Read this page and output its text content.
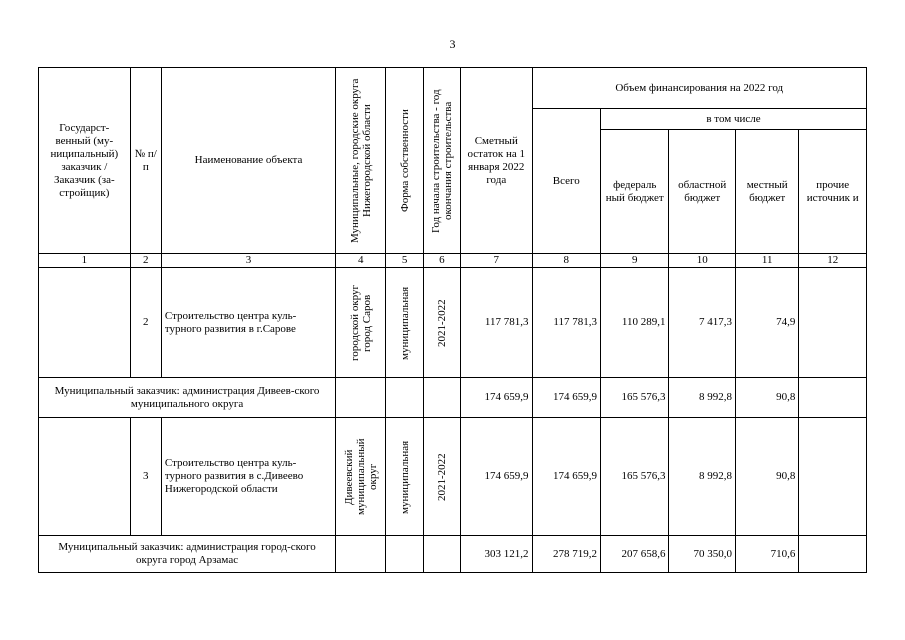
3
Государст-венный (му-ниципальный) заказчик / Заказчик (за-стройщик)	№ п/п	Наименование объекта	Муниципальные, городские округа Нижегородской области	Форма собственности	Год начала строительства - год окончания строительства	Сметный остаток на 1 января 2022 года	Объем финансирования на 2022 год				
							Всего	в том числе			
								федераль ный бюджет	областной бюджет	местный бюджет	прочие источник и
1	2	3	4	5	6	7	8	9	10	11	12
	2	Строительство центра куль-турного развития в г.Сарове	городской округ город Саров	муниципальная	2021-2022	117 781,3	117 781,3	110 289,1	7 417,3	74,9	
Муниципальный заказчик: администрация Дивеев-ского муниципального округа						174 659,9	174 659,9	165 576,3	8 992,8	90,8	
	3	Строительство центра куль-турного развития в с.Дивеево Нижегородской области	Дивеевский муниципальный округ	муниципальная	2021-2022	174 659,9	174 659,9	165 576,3	8 992,8	90,8	
Муниципальный заказчик: администрация город-ского округа город Арзамас						303 121,2	278 719,2	207 658,6	70 350,0	710,6	
